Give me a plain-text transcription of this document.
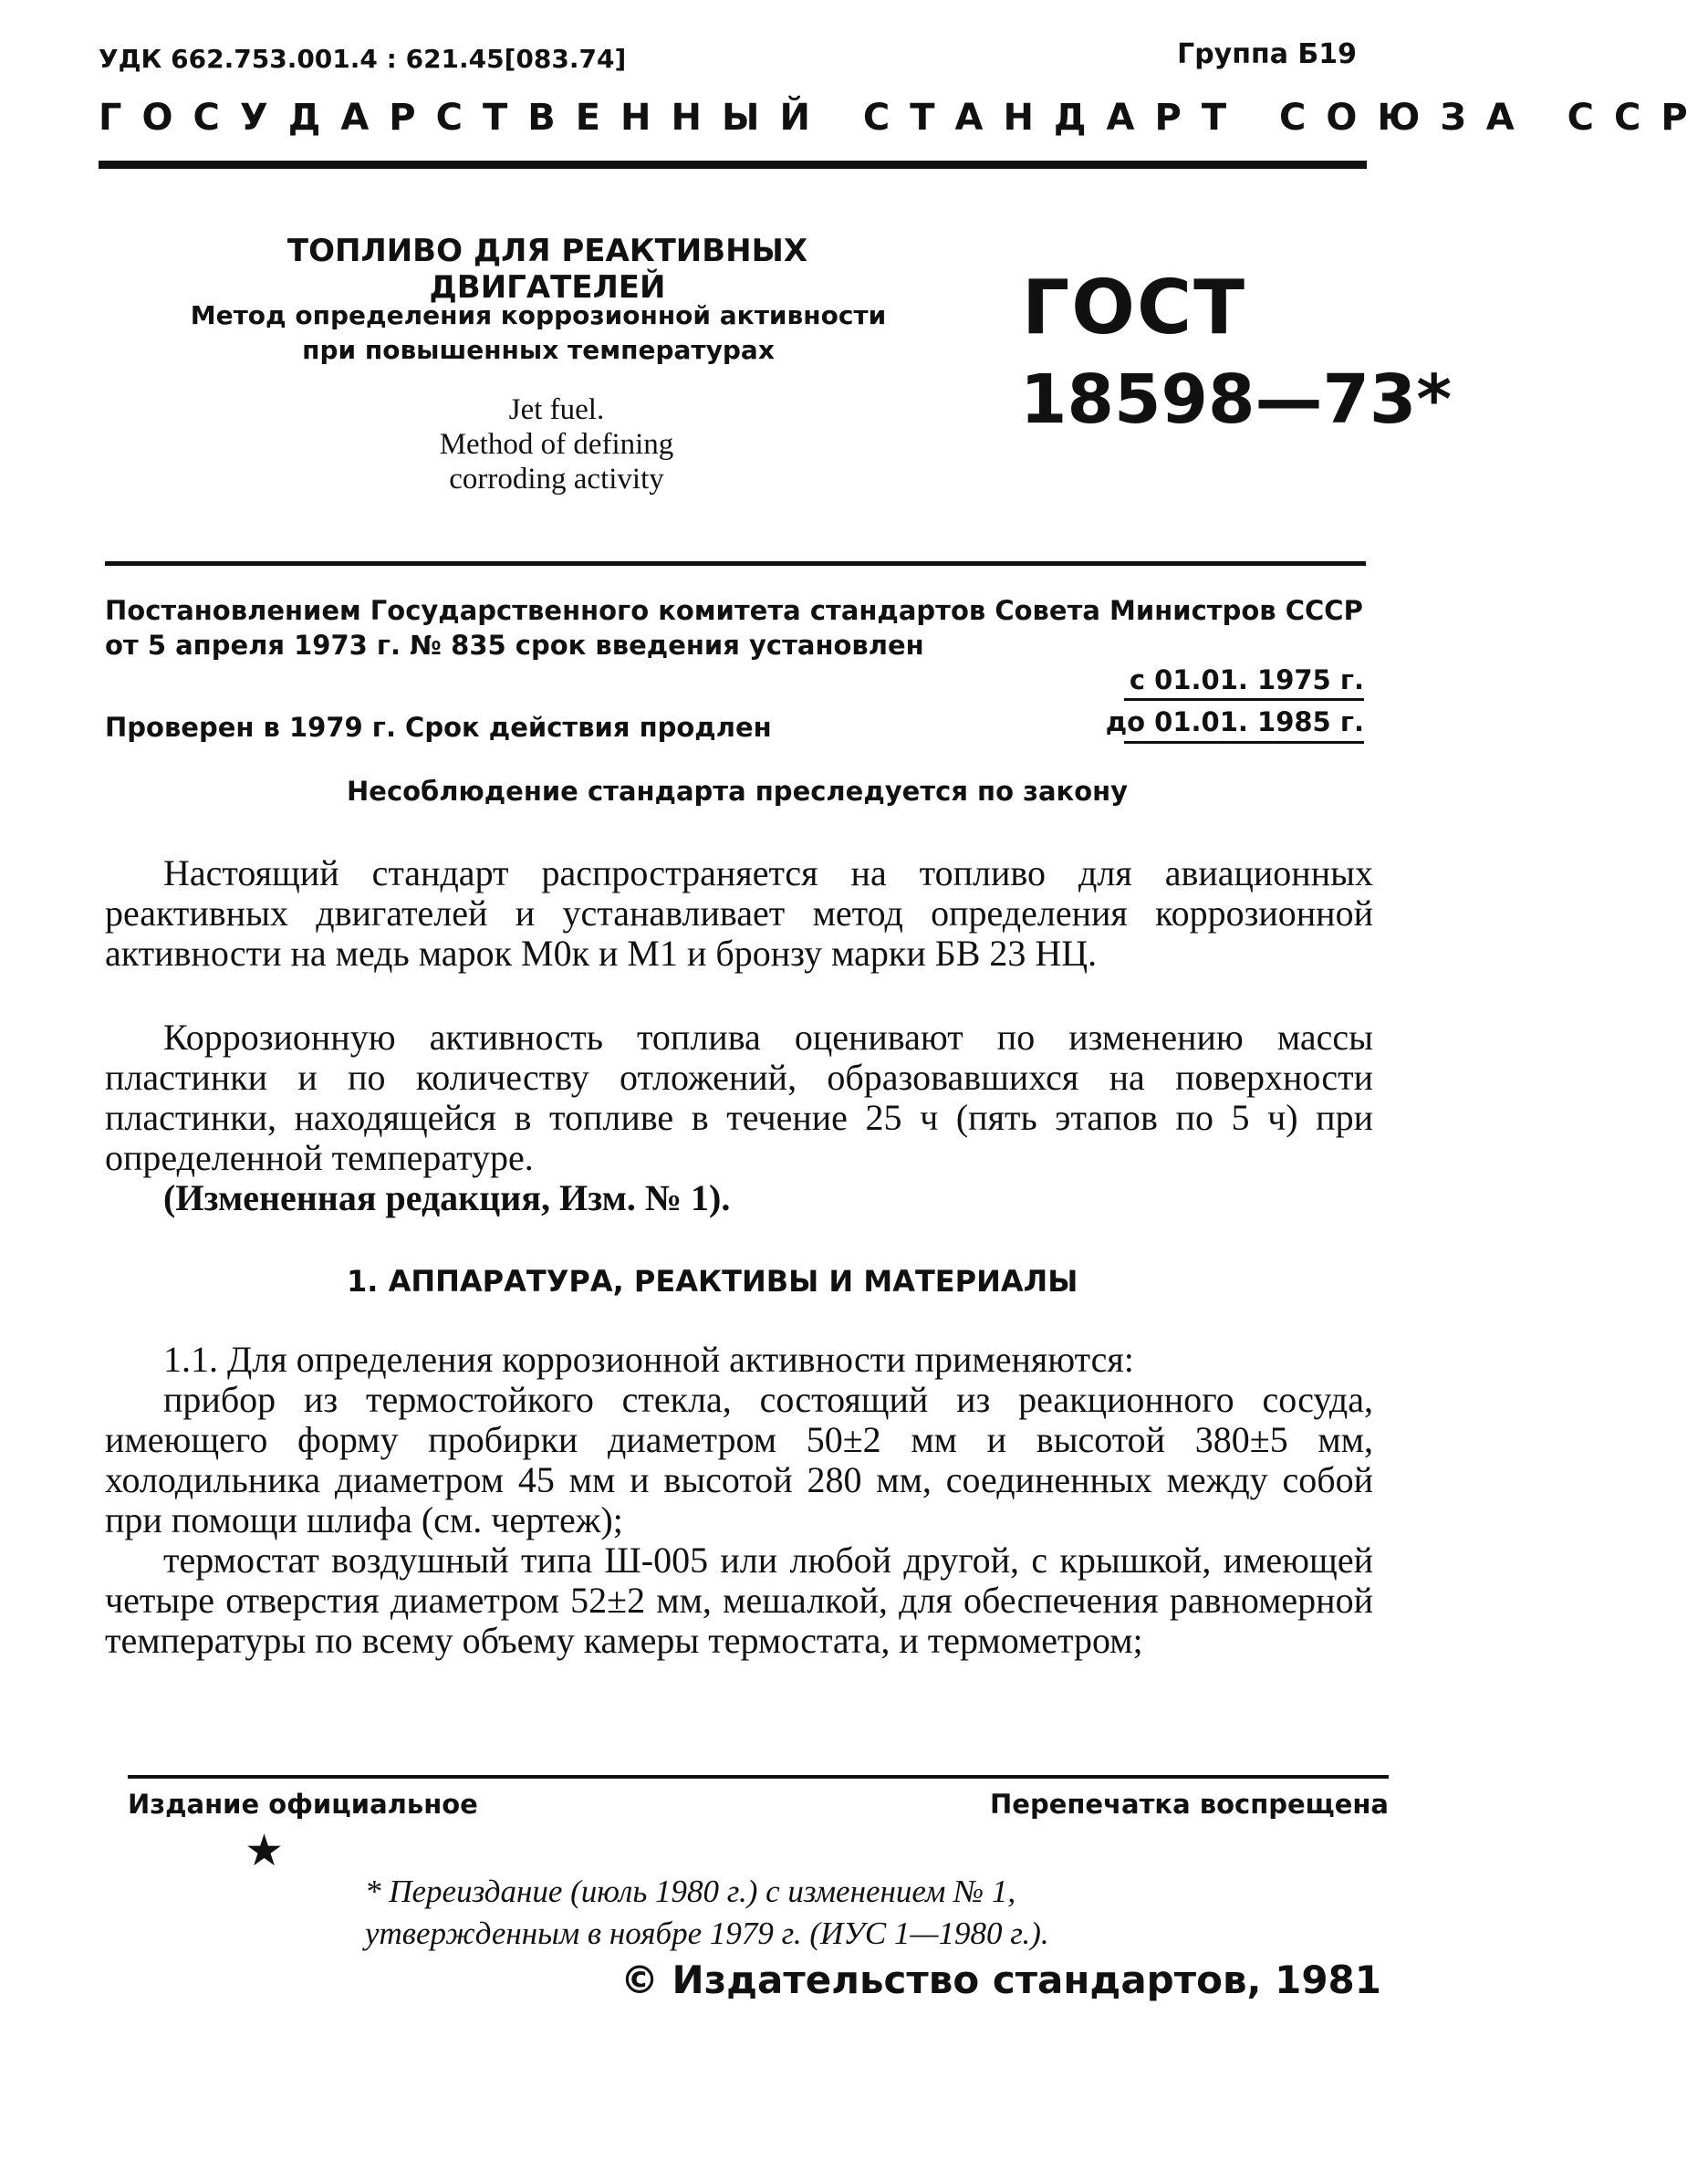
УДК 662.753.001.4 : 621.45[083.74]	Группа Б19
ГОСУДАРСТВЕННЫЙ СТАНДАРТ СОЮЗА ССР
ТОПЛИВО ДЛЯ РЕАКТИВНЫХ ДВИГАТЕЛЕЙ
Метод определения коррозионной активности
при повышенных температурах
Jet fuel.
Method of defining
corroding activity
ГОСТ
18598—73*
Постановлением Государственного комитета стандартов Совета Министров СССР
от 5 апреля 1973 г. № 835 срок введения установлен
с 01.01. 1975 г.
Проверен в 1979 г. Срок действия продлен	до 01.01. 1985 г.
Несоблюдение стандарта преследуется по закону
Настоящий стандарт распространяется на топливо для авиационных реактивных двигателей и устанавливает метод определения коррозионной активности на медь марок М0к и М1 и бронзу марки БВ 23 НЦ.
Коррозионную активность топлива оценивают по изменению массы пластинки и по количеству отложений, образовавшихся на поверхности пластинки, находящейся в топливе в течение 25 ч (пять этапов по 5 ч) при определенной температуре.
(Измененная редакция, Изм. № 1).
1. АППАРАТУРА, РЕАКТИВЫ И МАТЕРИАЛЫ
1.1. Для определения коррозионной активности применяются:
прибор из термостойкого стекла, состоящий из реакционного сосуда, имеющего форму пробирки диаметром 50±2 мм и высотой 380±5 мм, холодильника диаметром 45 мм и высотой 280 мм, соединенных между собой при помощи шлифа (см. чертеж);
термостат воздушный типа Ш-005 или любой другой, с крышкой, имеющей четыре отверстия диаметром 52±2 мм, мешалкой, для обеспечения равномерной температуры по всему объему камеры термостата, и термометром;
Издание официальное	Перепечатка воспрещена
★
* Переиздание (июль 1980 г.) с изменением № 1,
утвержденным в ноябре 1979 г. (ИУС 1—1980 г.).
© Издательство стандартов, 1981
